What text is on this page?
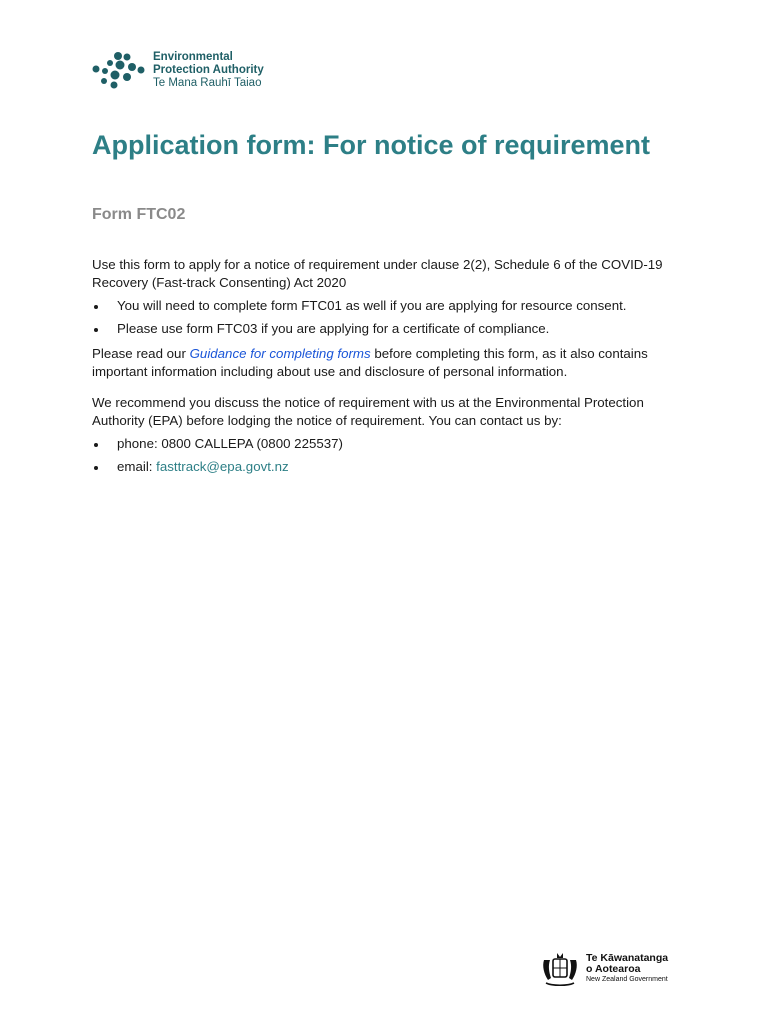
Environmental
Protection Authority
Te Mana Rauhī Taiao
Application form: For notice of requirement
Form FTC02

Use this form to apply for a notice of requirement under clause 2(2), Schedule 6 of the COVID-19 Recovery (Fast-track Consenting) Act 2020

You will need to complete form FTC01 as well if you are applying for resource consent.
Please use form FTC03 if you are applying for a certificate of compliance.

Please read our Guidance for completing forms before completing this form, as it also contains important information including about use and disclosure of personal information.

We recommend you discuss the notice of requirement with us at the Environmental Protection Authority (EPA) before lodging the notice of requirement. You can contact us by:

phone: 0800 CALLEPA (0800 225537)
email: fasttrack@epa.govt.nz
Te Kāwanatanga
o Aotearoa
New Zealand Government
